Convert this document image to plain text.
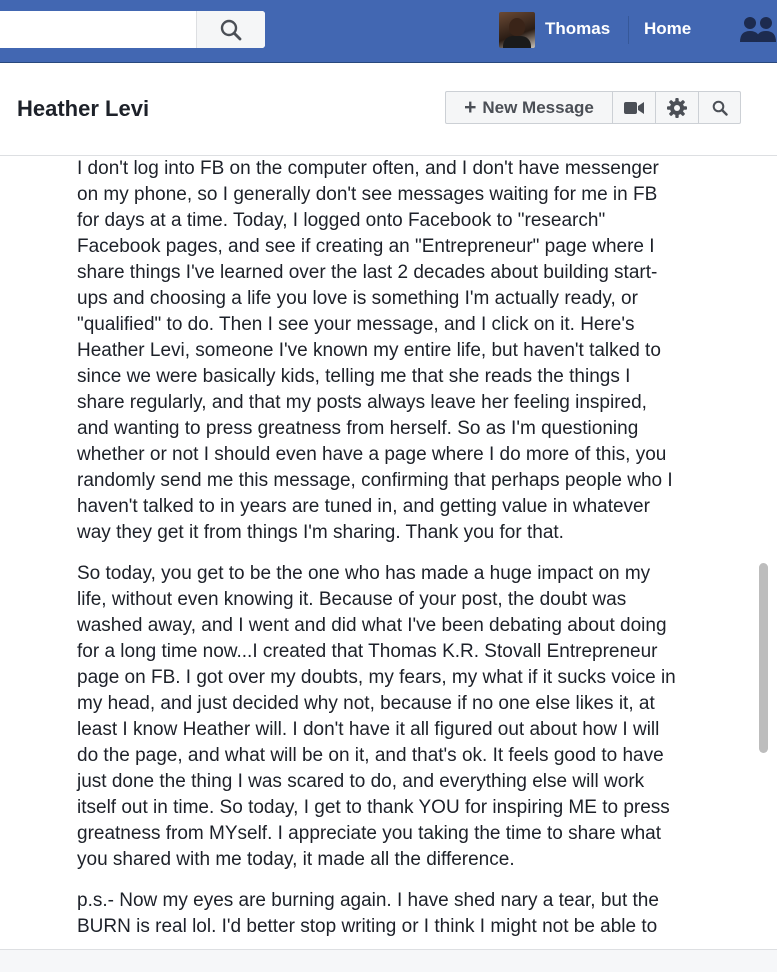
Thomas Home
Heather Levi	+ New Message

I don't log into FB on the computer often, and I don't have messenger on my phone, so I generally don't see messages waiting for me in FB for days at a time. Today, I logged onto Facebook to "research" Facebook pages, and see if creating an "Entrepreneur" page where I share things I've learned over the last 2 decades about building start-ups and choosing a life you love is something I'm actually ready, or "qualified" to do. Then I see your message, and I click on it. Here's Heather Levi, someone I've known my entire life, but haven't talked to since we were basically kids, telling me that she reads the things I share regularly, and that my posts always leave her feeling inspired, and wanting to press greatness from herself. So as I'm questioning whether or not I should even have a page where I do more of this, you randomly send me this message, confirming that perhaps people who I haven't talked to in years are tuned in, and getting value in whatever way they get it from things I'm sharing. Thank you for that.

So today, you get to be the one who has made a huge impact on my life, without even knowing it. Because of your post, the doubt was washed away, and I went and did what I've been debating about doing for a long time now...I created that Thomas K.R. Stovall Entrepreneur page on FB. I got over my doubts, my fears, my what if it sucks voice in my head, and just decided why not, because if no one else likes it, at least I know Heather will. I don't have it all figured out about how I will do the page, and what will be on it, and that's ok. It feels good to have just done the thing I was scared to do, and everything else will work itself out in time. So today, I get to thank YOU for inspiring ME to press greatness from MYself. I appreciate you taking the time to share what you shared with me today, it made all the difference.

p.s.- Now my eyes are burning again. I have shed nary a tear, but the BURN is real lol. I'd better stop writing or I think I might not be able to
